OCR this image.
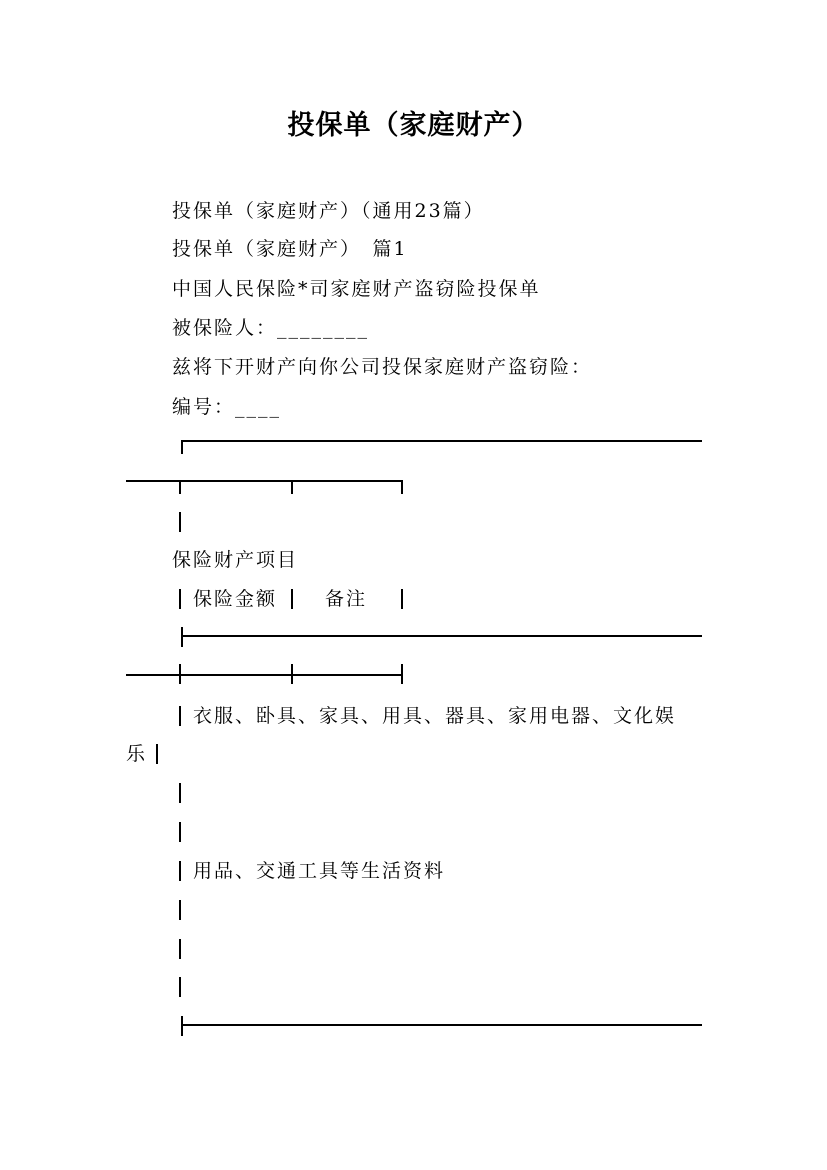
投保单（家庭财产）
投保单（家庭财产）（通用23篇）
投保单（家庭财产）　篇1
中国人民保险*司家庭财产盗窃险投保单
被保险人：________
兹将下开财产向你公司投保家庭财产盗窃险：
编号：____
保险财产项目
保险金额	备注
衣服、卧具、家具、用具、器具、家用电器、文化娱
乐
用品、交通工具等生活资料
